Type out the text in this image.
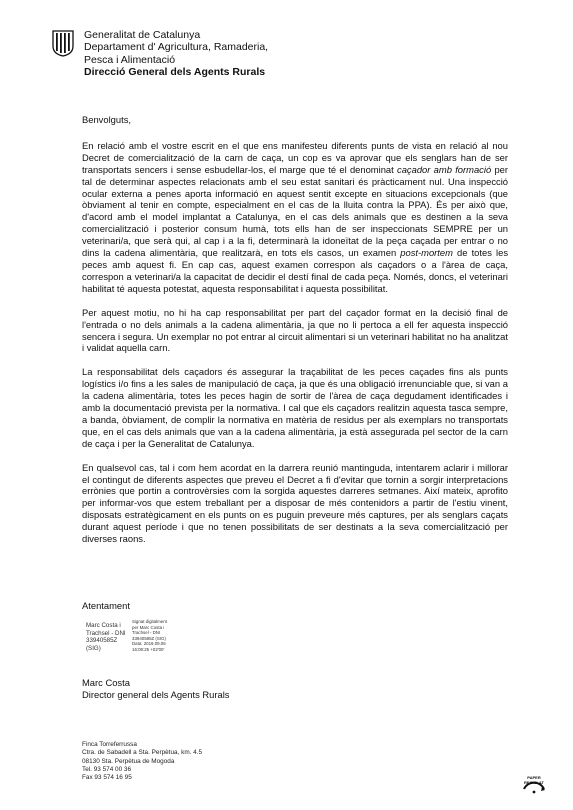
Generalitat de Catalunya
Departament d' Agricultura, Ramaderia,
Pesca i Alimentació
Direcció General dels Agents Rurals

Benvolguts,

En relació amb el vostre escrit en el que ens manifesteu diferents punts de vista en relació al nou Decret de comercialització de la carn de caça, un cop es va aprovar que els senglars han de ser transportats sencers i sense esbudellar-los, el marge que té el denominat caçador amb formació per tal de determinar aspectes relacionats amb el seu estat sanitari és pràcticament nul. Una inspecció ocular externa a penes aporta informació en aquest sentit excepte en situacions excepcionals (que òbviament al tenir en compte, especialment en el cas de la lluita contra la PPA). És per això que, d'acord amb el model implantat a Catalunya, en el cas dels animals que es destinen a la seva comercialització i posterior consum humà, tots ells han de ser inspeccionats SEMPRE per un veterinari/a, que serà qui, al cap i a la fi, determinarà la idoneïtat de la peça caçada per entrar o no dins la cadena alimentària, que realitzarà, en tots els casos, un examen post-mortem de totes les peces amb aquest fi. En cap cas, aquest examen correspon als caçadors o a l'àrea de caça, correspon a veterinari/a la capacitat de decidir el destí final de cada peça. Només, doncs, el veterinari habilitat té aquesta potestat, aquesta responsabilitat i aquesta possibilitat.

Per aquest motiu, no hi ha cap responsabilitat per part del caçador format en la decisió final de l'entrada o no dels animals a la cadena alimentària, ja que no li pertoca a ell fer aquesta inspecció sencera i segura. Un exemplar no pot entrar al circuit alimentari si un veterinari habilitat no ha analitzat i validat aquella carn.

La responsabilitat dels caçadors és assegurar la traçabilitat de les peces caçades fins als punts logístics i/o fins a les sales de manipulació de caça, ja que és una obligació irrenunciable que, si van a la cadena alimentària, totes les peces hagin de sortir de l'àrea de caça degudament identificades i amb la documentació prevista per la normativa. I cal que els caçadors realitzin aquesta tasca sempre, a banda, òbviament, de complir la normativa en matèria de residus per als exemplars no transportats que, en el cas dels animals que van a la cadena alimentària, ja està assegurada pel sector de la carn de caça i per la Generalitat de Catalunya.

En qualsevol cas, tal i com hem acordat en la darrera reunió mantinguda, intentarem aclarir i millorar el contingut de diferents aspectes que preveu el Decret a fi d'evitar que tornin a sorgir interpretacions errònies que portin a controvèrsies com la sorgida aquestes darreres setmanes. Així mateix, aprofito per informar-vos que estem treballant per a disposar de més contenidors a partir de l'estiu vinent, disposats estratègicament en els punts on es puguin preveure més captures, per als senglars caçats durant aquest període i que no tenen possibilitats de ser destinats a la seva comercialització per diverses raons.

Atentament
Marc Costa i
Trachsel - DNI
33940585Z
(SIG)
Signat digitalment
per Marc Costa i
Trachsel - DNI
33940585Z (SIG)
Data: 2019.09.06
16:08:25 +02'00'
Marc Costa
Director general dels Agents Rurals
Finca Torreferrussa
Ctra. de Sabadell a Sta. Perpètua, km. 4.5
08130 Sta. Perpètua de Mogoda
Tel. 93 574 00 36
Fax 93 574 16 95	PAPER RECICLAT
